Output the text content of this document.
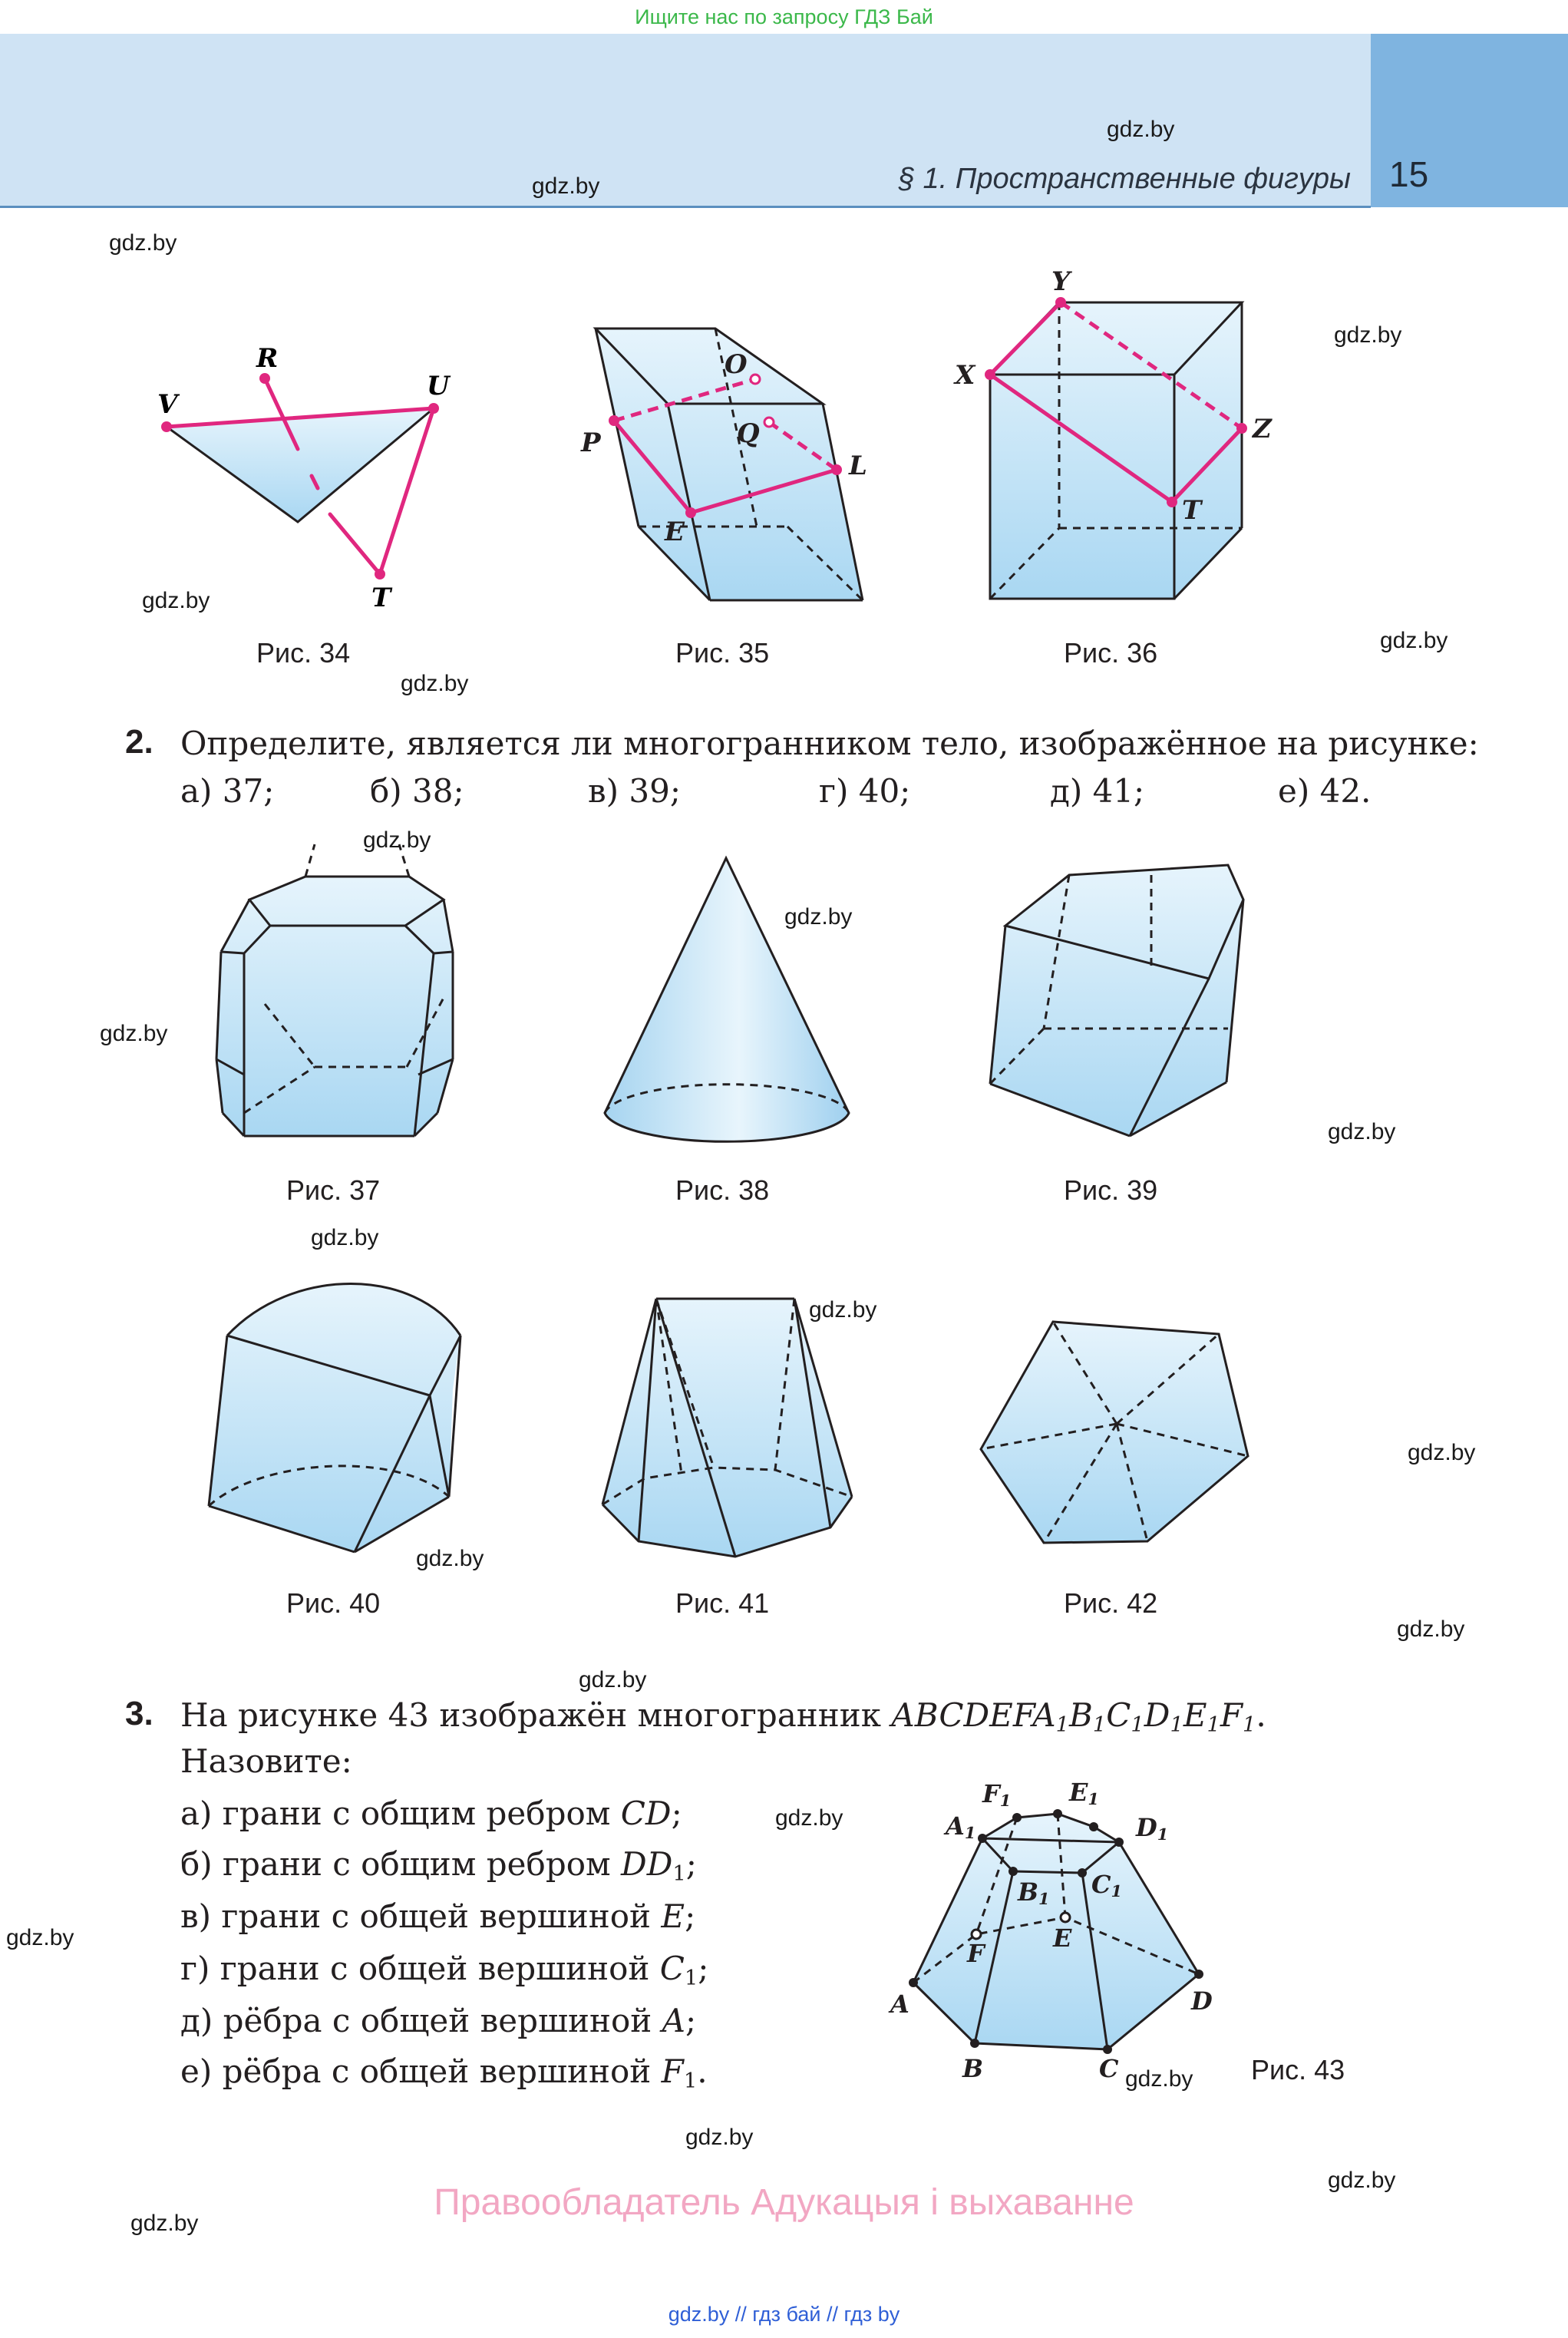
Ищите нас по запросу ГДЗ Бай
15
§ 1. Пространственные фигуры
gdz.by
gdz.by
gdz.by
gdz.by
gdz.by
gdz.by
gdz.by
gdz.by
gdz.by
gdz.by
gdz.by
gdz.by
gdz.by
gdz.by
gdz.by
gdz.by
gdz.by
gdz.by
gdz.by
gdz.by
gdz.by
gdz.by
gdz.by
R
V
U
T
O
Q
P
L
E
Y
X
Z
T
$F_1$ $E_1$
$A_1$	$D_1$
$B_1$ $C_1$
F
E
A
B	C
D
Рис. 34	Рис. 35	Рис. 36
Рис. 37	Рис. 38	Рис. 39
Рис. 40	Рис. 41	Рис. 42
Рис. 43
2. Определите, является ли многогранником тело, изображённое на рисунке:
а) 37;	б) 38;	в) 39;	г) 40;	д) 41;	е) 42.
3. На рисунке 43 изображён многогранник $ABCDEFA_1B_1C_1D_1E_1F_1$.
Назовите:
а) грани с общим ребром CD;
б) грани с общим ребром $DD_1$;
в) грани с общей вершиной E;
г) грани с общей вершиной $C_1$;
д) рёбра с общей вершиной A;
е) рёбра с общей вершиной $F_1$.
Правообладатель Адукацыя і выхаванне
gdz.by // гдз бай // гдз by
